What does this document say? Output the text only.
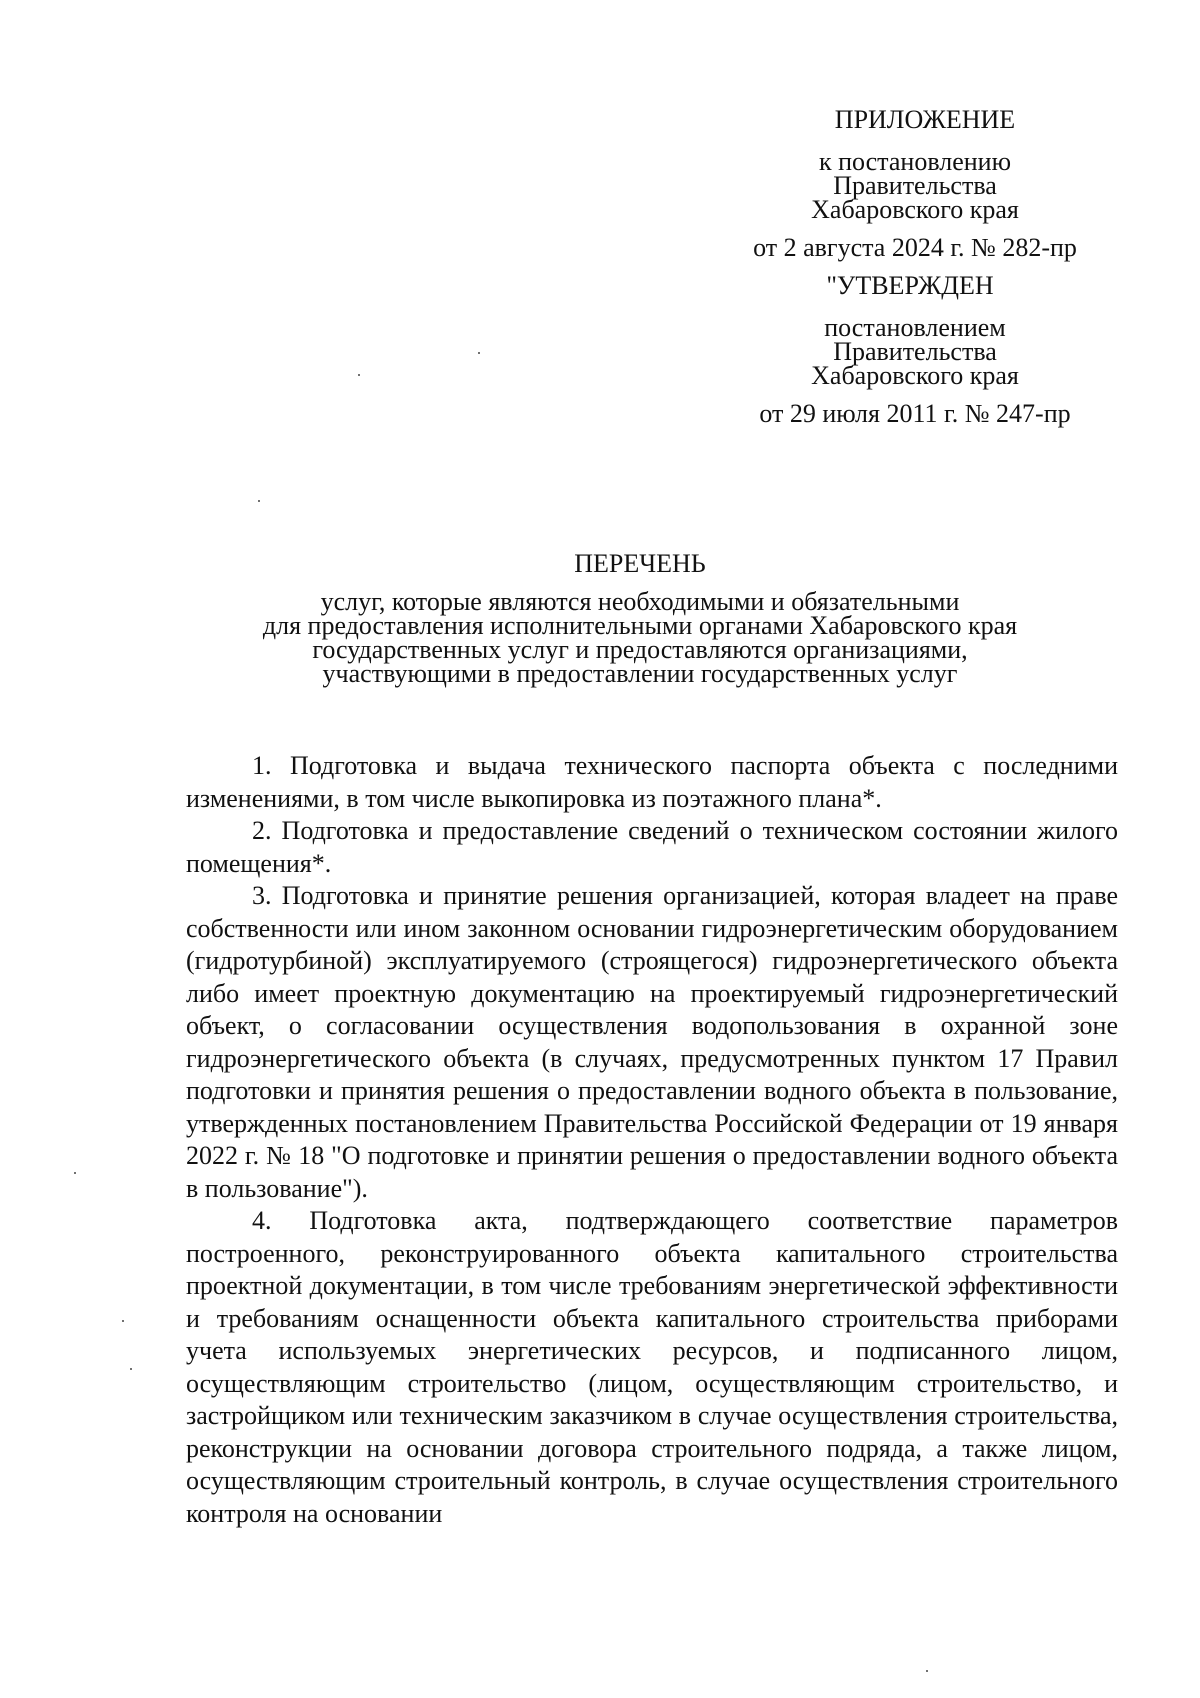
ПРИЛОЖЕНИЕ
к постановлению
Правительства
Хабаровского края
от 2 августа 2024 г. № 282-пр
"УТВЕРЖДЕН
постановлением
Правительства
Хабаровского края
от 29 июля 2011 г. № 247-пр
ПЕРЕЧЕНЬ
услуг, которые являются необходимыми и обязательными
для предоставления исполнительными органами Хабаровского края
государственных услуг и предоставляются организациями,
участвующими в предоставлении государственных услуг

1. Подготовка и выдача технического паспорта объекта с последними изменениями, в том числе выкопировка из поэтажного плана*.

2. Подготовка и предоставление сведений о техническом состоянии жилого помещения*.

3. Подготовка и принятие решения организацией, которая владеет на праве собственности или ином законном основании гидроэнергетическим оборудованием (гидротурбиной) эксплуатируемого (строящегося) гидроэнергетического объекта либо имеет проектную документацию на проектируемый гидроэнергетический объект, о согласовании осуществления водопользования в охранной зоне гидроэнергетического объекта (в случаях, предусмотренных пунктом 17 Правил подготовки и принятия решения о предоставлении водного объекта в пользование, утвержденных постановлением Правительства Российской Федерации от 19 января 2022 г. № 18 "О подготовке и принятии решения о предоставлении водного объекта в пользование").

4. Подготовка акта, подтверждающего соответствие параметров построенного, реконструированного объекта капитального строительства проектной документации, в том числе требованиям энергетической эффективности и требованиям оснащенности объекта капитального строительства приборами учета используемых энергетических ресурсов, и подписанного лицом, осуществляющим строительство (лицом, осуществляющим строительство, и застройщиком или техническим заказчиком в случае осуществления строительства, реконструкции на основании договора строительного подряда, а также лицом, осуществляющим строительный контроль, в случае осуществления строительного контроля на основании
